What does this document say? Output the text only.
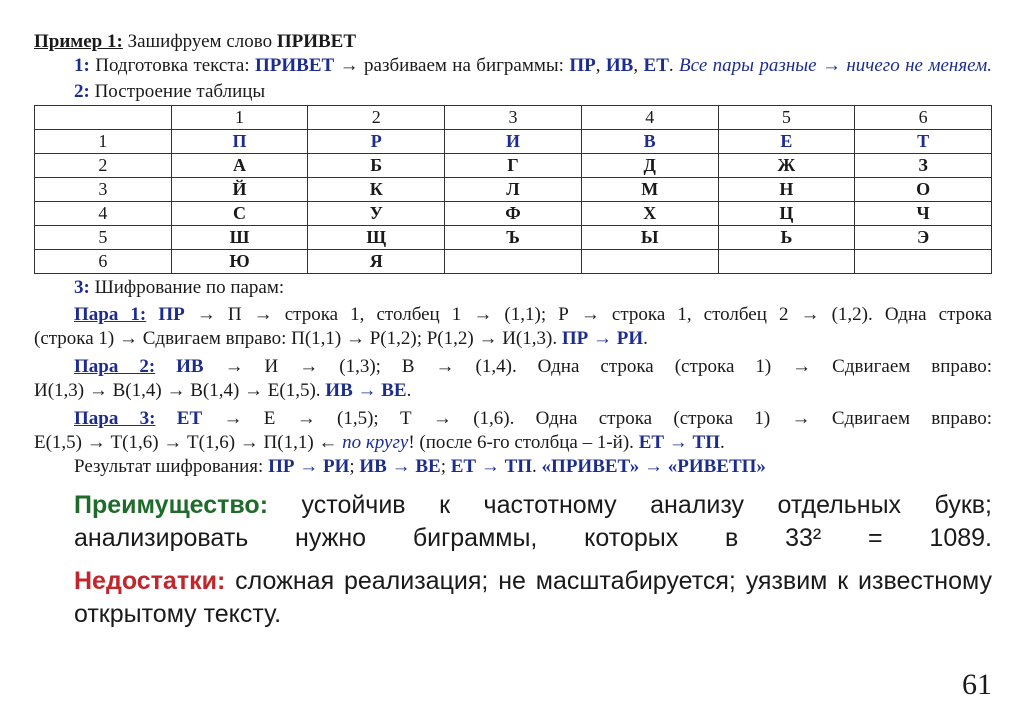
Пример 1: Зашифруем слово ПРИВЕТ

1: Подготовка текста: ПРИВЕТ → разбиваем на биграммы: ПР, ИВ, ЕТ. Все пары разные → ничего не меняем.

2: Построение таблицы

	1	2	3	4	5	6
1	П	Р	И	В	Е	Т
2	А	Б	Г	Д	Ж	З
3	Й	К	Л	М	Н	О
4	С	У	Ф	Х	Ц	Ч
5	Ш	Щ	Ъ	Ы	Ь	Э
6	Ю	Я				

3: Шифрование по парам:

Пара 1: ПР → П → строка 1, столбец 1 → (1,1); Р → строка 1, столбец 2 → (1,2). Одна строка

(строка 1) → Сдвигаем вправо: П(1,1) → Р(1,2); Р(1,2) → И(1,3). ПР → РИ.

Пара 2: ИВ → И → (1,3); В → (1,4). Одна строка (строка 1) → Сдвигаем вправо:

И(1,3) → В(1,4) → В(1,4) → Е(1,5). ИВ → ВЕ.

Пара 3: ЕТ → Е → (1,5); Т → (1,6). Одна строка (строка 1) → Сдвигаем вправо:

Е(1,5) → Т(1,6) → Т(1,6) → П(1,1) ← по кругу! (после 6-го столбца – 1-й). ЕТ → ТП.

Результат шифрования: ПР → РИ; ИВ → ВЕ; ЕТ → ТП. «ПРИВЕТ» → «РИВЕТП»

Преимущество: устойчив к частотному анализу отдельных букв; анализировать нужно биграммы, которых в 33² = 1089.

Недостатки: сложная реализация; не масштабируется; уязвим к известному открытому тексту.

61
